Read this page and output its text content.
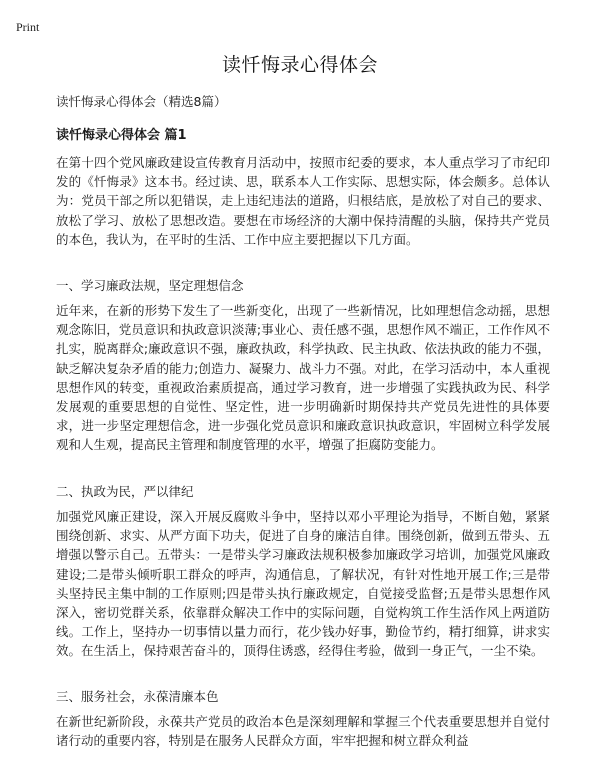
Print
读忏悔录心得体会
读忏悔录心得体会（精选8篇）
读忏悔录心得体会 篇1

在第十四个党风廉政建设宣传教育月活动中，按照市纪委的要求，本人重点学习了市纪印发的《忏悔录》这本书。经过读、思，联系本人工作实际、思想实际，体会颇多。总体认为：党员干部之所以犯错误，走上违纪违法的道路，归根结底，是放松了对自己的要求、放松了学习、放松了思想改造。要想在市场经济的大潮中保持清醒的头脑，保持共产党员的本色，我认为，在平时的生活、工作中应主要把握以下几方面。

一、学习廉政法规，坚定理想信念

近年来，在新的形势下发生了一些新变化，出现了一些新情况，比如理想信念动摇，思想观念陈旧，党员意识和执政意识淡薄;事业心、责任感不强，思想作风不端正，工作作风不扎实，脱离群众;廉政意识不强，廉政执政，科学执政、民主执政、依法执政的能力不强，缺乏解决复杂矛盾的能力;创造力、凝聚力、战斗力不强。对此，在学习活动中，本人重视思想作风的转变，重视政治素质提高，通过学习教育，进一步增强了实践执政为民、科学发展观的重要思想的自觉性、坚定性，进一步明确新时期保持共产党员先进性的具体要求，进一步坚定理想信念，进一步强化党员意识和廉政意识执政意识，牢固树立科学发展观和人生观，提高民主管理和制度管理的水平，增强了拒腐防变能力。

二、执政为民，严以律纪

加强党风廉正建设，深入开展反腐败斗争中，坚持以邓小平理论为指导，不断自勉，紧紧围绕创新、求实、从严方面下功夫，促进了自身的廉洁自律。围绕创新，做到五带头、五增强以警示自己。五带头：一是带头学习廉政法规积极参加廉政学习培训，加强党风廉政建设;二是带头倾听职工群众的呼声，沟通信息，了解状况，有针对性地开展工作;三是带头坚持民主集中制的工作原则;四是带头执行廉政规定，自觉接受监督;五是带头思想作风深入，密切党群关系，依靠群众解决工作中的实际问题，自觉构筑工作生活作风上两道防线。工作上，坚持办一切事情以量力而行，花少钱办好事，勤俭节约，精打细算，讲求实效。在生活上，保持艰苦奋斗的，顶得住诱惑，经得住考验，做到一身正气，一尘不染。

三、服务社会，永葆清廉本色

在新世纪新阶段，永葆共产党员的政治本色是深刻理解和掌握三个代表重要思想并自觉付诸行动的重要内容，特别是在服务人民群众方面，牢牢把握和树立群众利益
